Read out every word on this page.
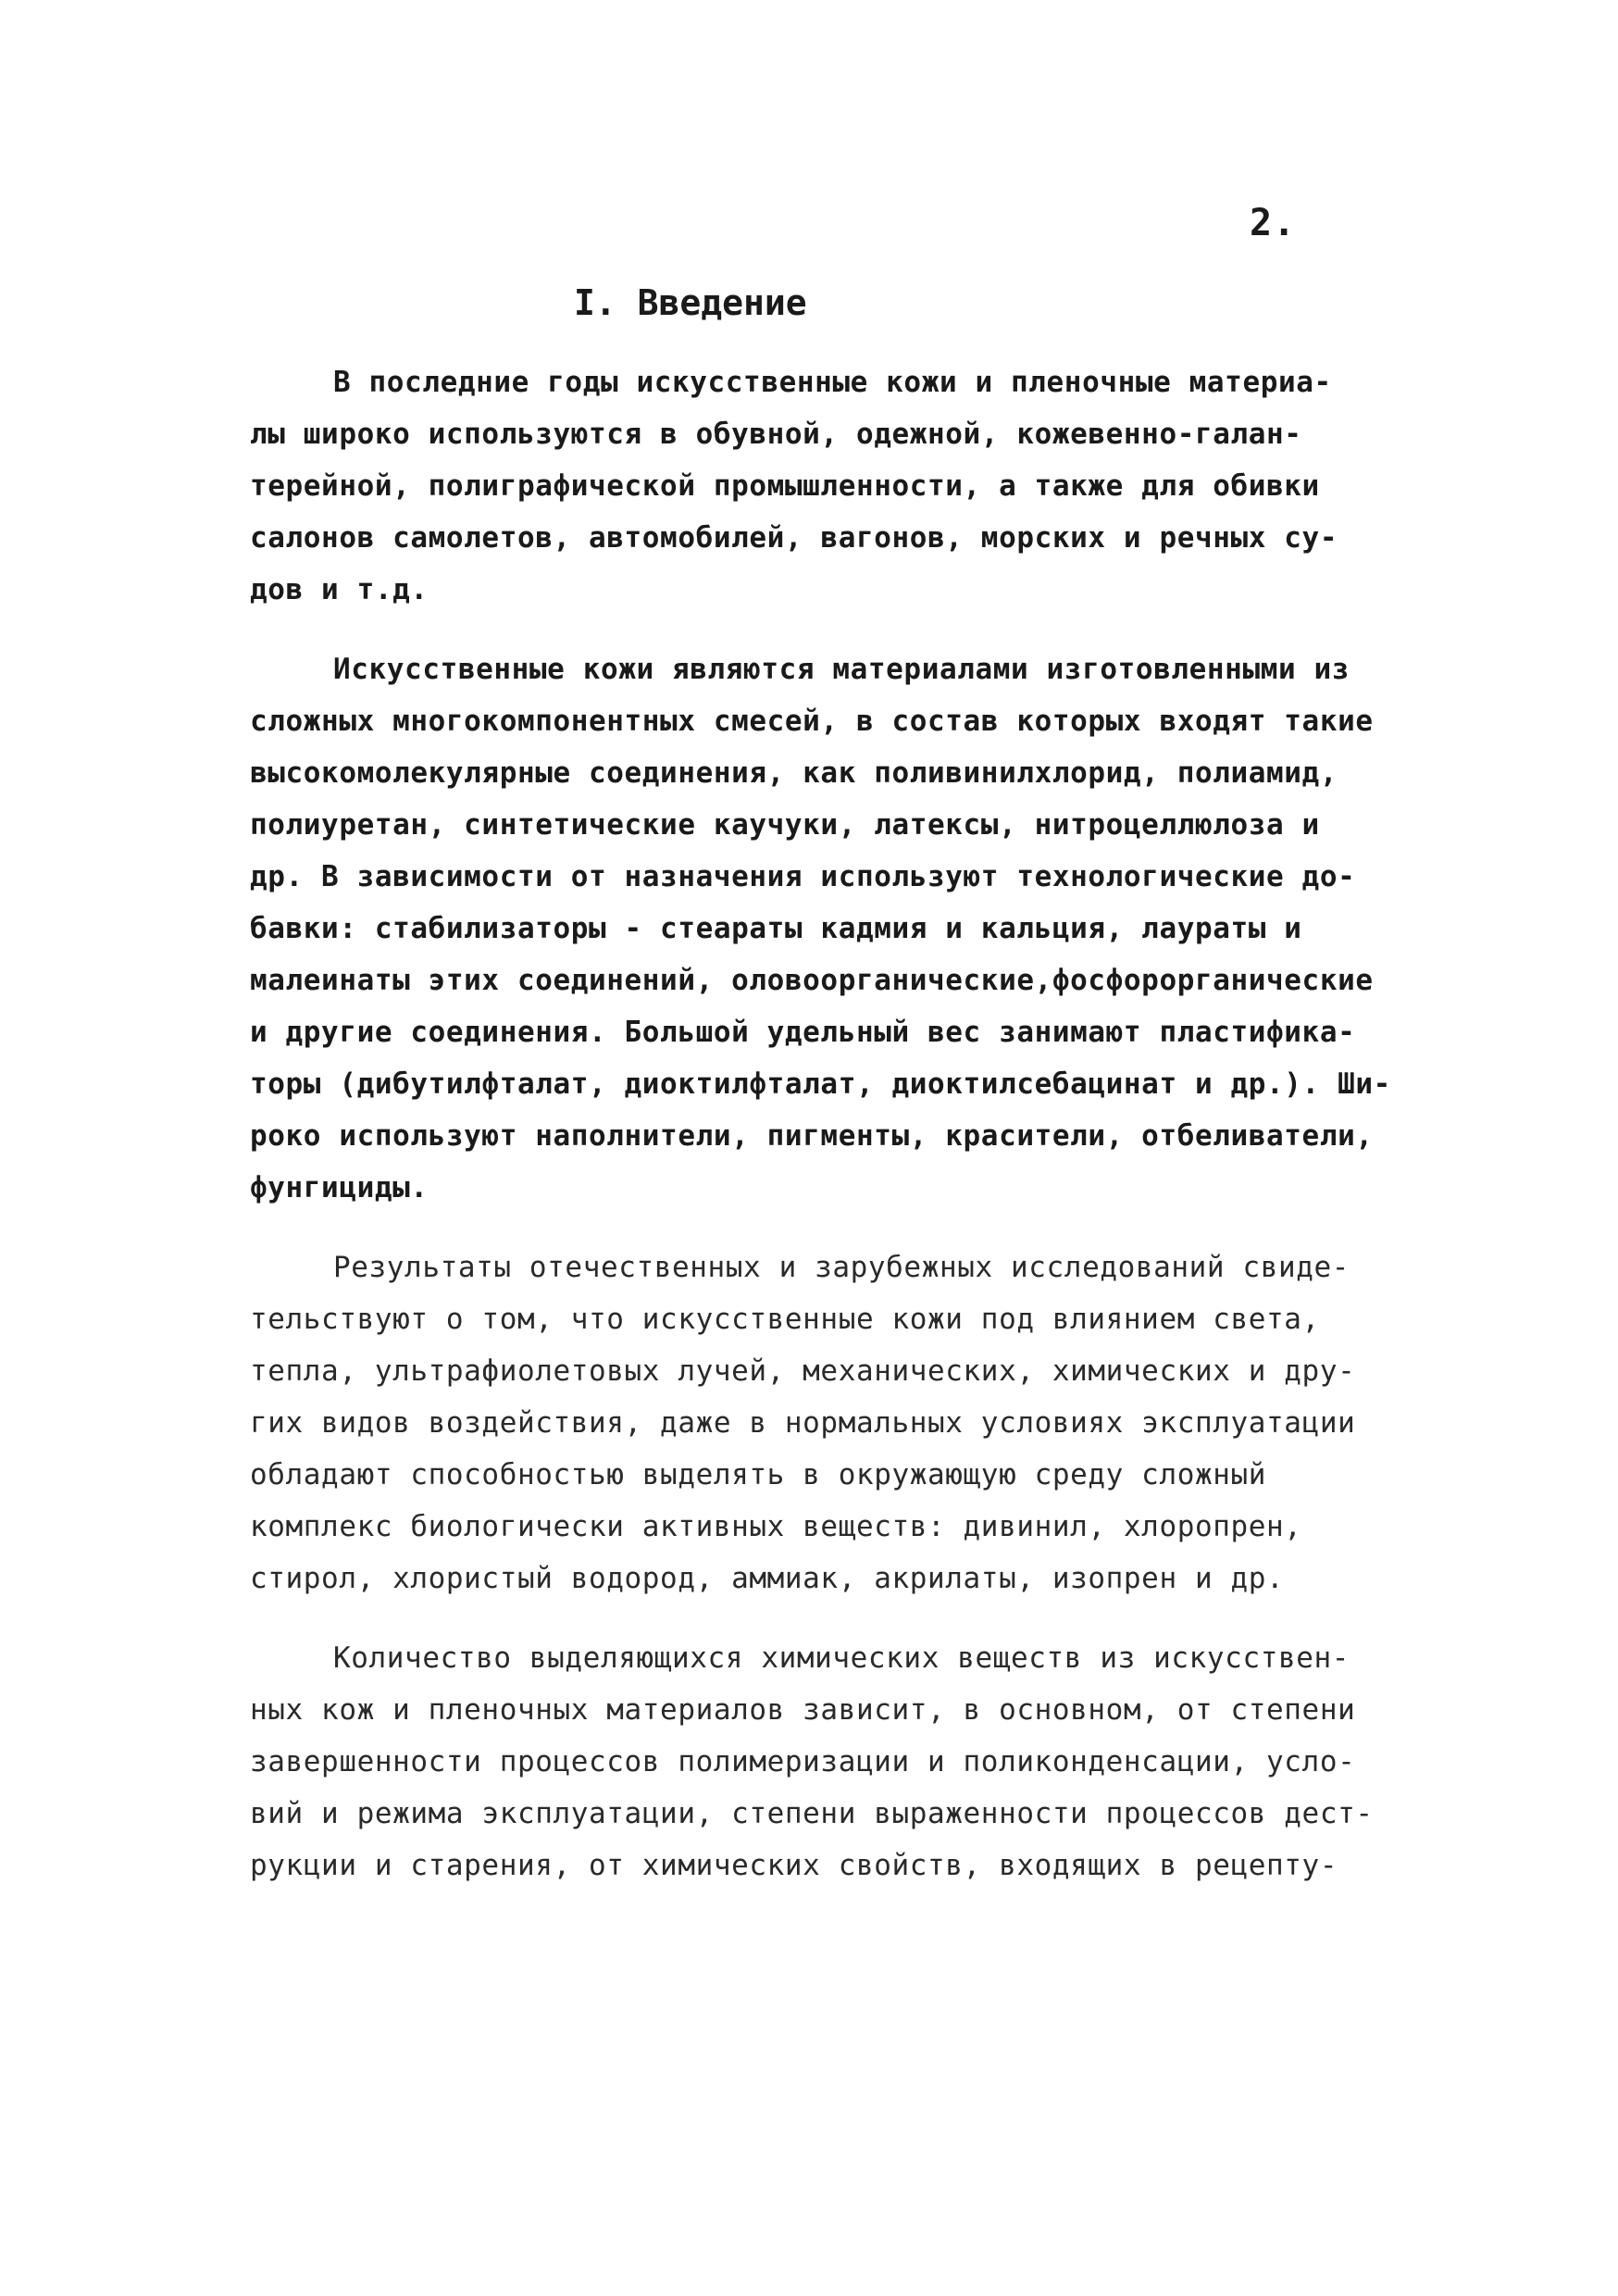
2.
I. Введение
В последние годы искусственные кожи и пленочные материа-
лы широко используются в обувной, одежной, кожевенно-галан-
терейной, полиграфической промышленности, а также для обивки
салонов самолетов, автомобилей, вагонов, морских и речных су-
дов и т.д.
Искусственные кожи являются материалами изготовленными из
сложных многокомпонентных смесей, в состав которых входят такие
высокомолекулярные соединения, как поливинилхлорид, полиамид,
полиуретан, синтетические каучуки, латексы, нитроцеллюлоза и
др. В зависимости от назначения используют технологические до-
бавки: стабилизаторы - стеараты кадмия и кальция, лаураты и
малеинаты этих соединений, оловоорганические,фосфорорганические
и другие соединения. Большой удельный вес занимают пластифика-
торы (дибутилфталат, диоктилфталат, диоктилсебацинат и др.). Ши-
роко используют наполнители, пигменты, красители, отбеливатели,
фунгициды.
Результаты отечественных и зарубежных исследований свиде-
тельствуют о том, что искусственные кожи под влиянием света,
тепла, ультрафиолетовых лучей, механических, химических и дру-
гих видов воздействия, даже в нормальных условиях эксплуатации
обладают способностью выделять в окружающую среду сложный
комплекс биологически активных веществ: дивинил, хлоропрен,
стирол, хлористый водород, аммиак, акрилаты, изопрен и др.
Количество выделяющихся химических веществ из искусствен-
ных кож и пленочных материалов зависит, в основном, от степени
завершенности процессов полимеризации и поликонденсации, усло-
вий и режима эксплуатации, степени выраженности процессов дест-
рукции и старения, от химических свойств, входящих в рецепту-
